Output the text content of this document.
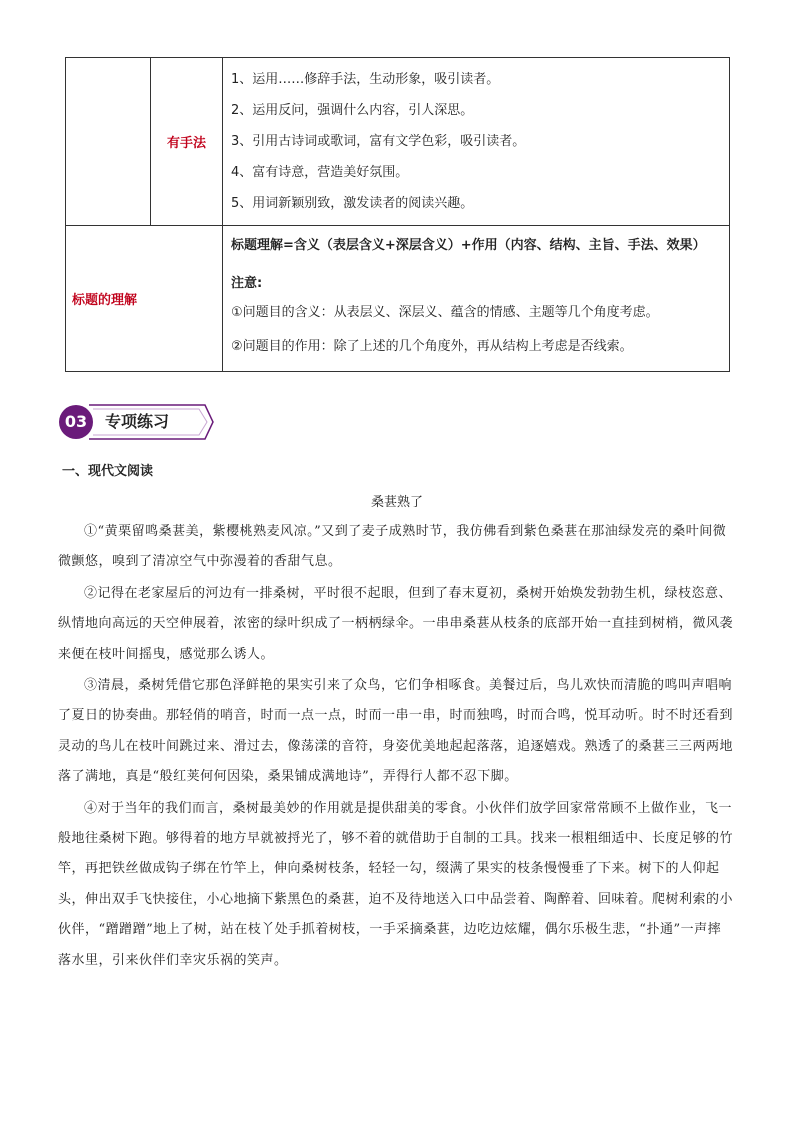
	有手法	1、运用……修辞手法，生动形象，吸引读者。

2、运用反问，强调什么内容，引人深思。

3、引用古诗词或歌词，富有文学色彩，吸引读者。

4、富有诗意，营造美好氛围。

5、用词新颖别致，激发读者的阅读兴趣。

标题的理解		标题理解=含义（表层含义+深层含义）+作用（内容、结构、主旨、手法、效果）

注意:

①问题目的含义：从表层义、深层义、蕴含的情感、主题等几个角度考虑。

②问题目的作用：除了上述的几个角度外，再从结构上考虑是否线索。

03	专项练习
一、现代文阅读
桑葚熟了

①“黄栗留鸣桑葚美，紫樱桃熟麦风凉。”又到了麦子成熟时节，我仿佛看到紫色桑葚在那油绿发亮的桑叶间微微颤悠，嗅到了清凉空气中弥漫着的香甜气息。

②记得在老家屋后的河边有一排桑树，平时很不起眼，但到了春末夏初，桑树开始焕发勃勃生机，绿枝恣意、纵情地向高远的天空伸展着，浓密的绿叶织成了一柄柄绿伞。一串串桑葚从枝条的底部开始一直挂到树梢，微风袭来便在枝叶间摇曳，感觉那么诱人。

③清晨，桑树凭借它那色泽鲜艳的果实引来了众鸟，它们争相啄食。美餐过后，鸟儿欢快而清脆的鸣叫声唱响了夏日的协奏曲。那轻俏的哨音，时而一点一点，时而一串一串，时而独鸣，时而合鸣，悦耳动听。时不时还看到灵动的鸟儿在枝叶间跳过来、滑过去，像荡漾的音符，身姿优美地起起落落，追逐嬉戏。熟透了的桑葚三三两两地落了满地，真是“般红荚何何因染，桑果铺成满地诗”，弄得行人都不忍下脚。

④对于当年的我们而言，桑树最美妙的作用就是提供甜美的零食。小伙伴们放学回家常常顾不上做作业，飞一般地往桑树下跑。够得着的地方早就被捋光了，够不着的就借助于自制的工具。找来一根粗细适中、长度足够的竹竿，再把铁丝做成钩子绑在竹竿上，伸向桑树枝条，轻轻一勾，缀满了果实的枝条慢慢垂了下来。树下的人仰起头，伸出双手飞快接住，小心地摘下紫黑色的桑葚，迫不及待地送入口中品尝着、陶醉着、回味着。爬树利索的小伙伴，“蹭蹭蹭”地上了树，站在枝丫处手抓着树枝，一手采摘桑葚，边吃边炫耀，偶尔乐极生悲，“扑通”一声摔落水里，引来伙伴们幸灾乐祸的笑声。
